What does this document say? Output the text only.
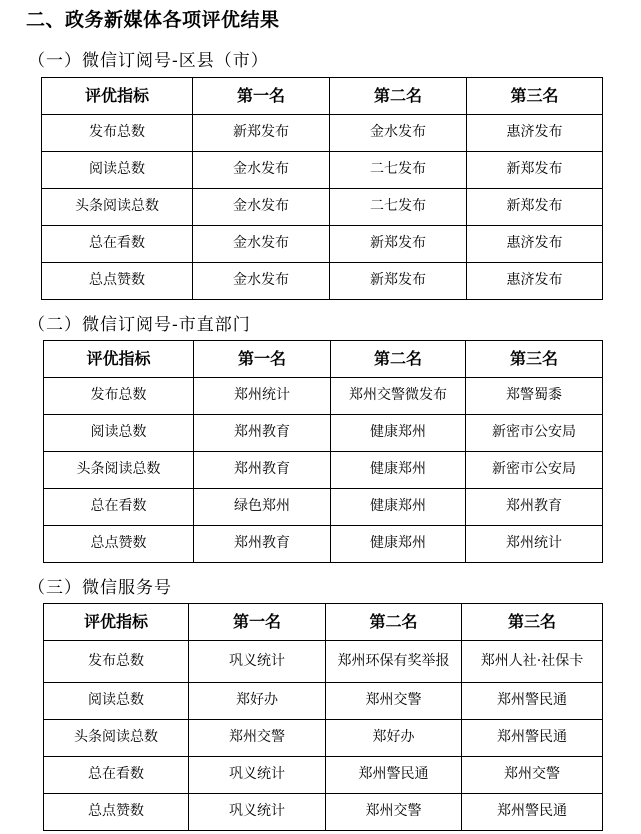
二、政务新媒体各项评优结果
（一）微信订阅号-区县（市）
评优指标	第一名	第二名	第三名
发布总数	新郑发布	金水发布	惠济发布
阅读总数	金水发布	二七发布	新郑发布
头条阅读总数	金水发布	二七发布	新郑发布
总在看数	金水发布	新郑发布	惠济发布
总点赞数	金水发布	新郑发布	惠济发布
（二）微信订阅号-市直部门
评优指标	第一名	第二名	第三名
发布总数	郑州统计	郑州交警微发布	郑警蜀黍
阅读总数	郑州教育	健康郑州	新密市公安局
头条阅读总数	郑州教育	健康郑州	新密市公安局
总在看数	绿色郑州	健康郑州	郑州教育
总点赞数	郑州教育	健康郑州	郑州统计
（三）微信服务号
评优指标	第一名	第二名	第三名
发布总数	巩义统计	郑州环保有奖举报	郑州人社·社保卡
阅读总数	郑好办	郑州交警	郑州警民通
头条阅读总数	郑州交警	郑好办	郑州警民通
总在看数	巩义统计	郑州警民通	郑州交警
总点赞数	巩义统计	郑州交警	郑州警民通
